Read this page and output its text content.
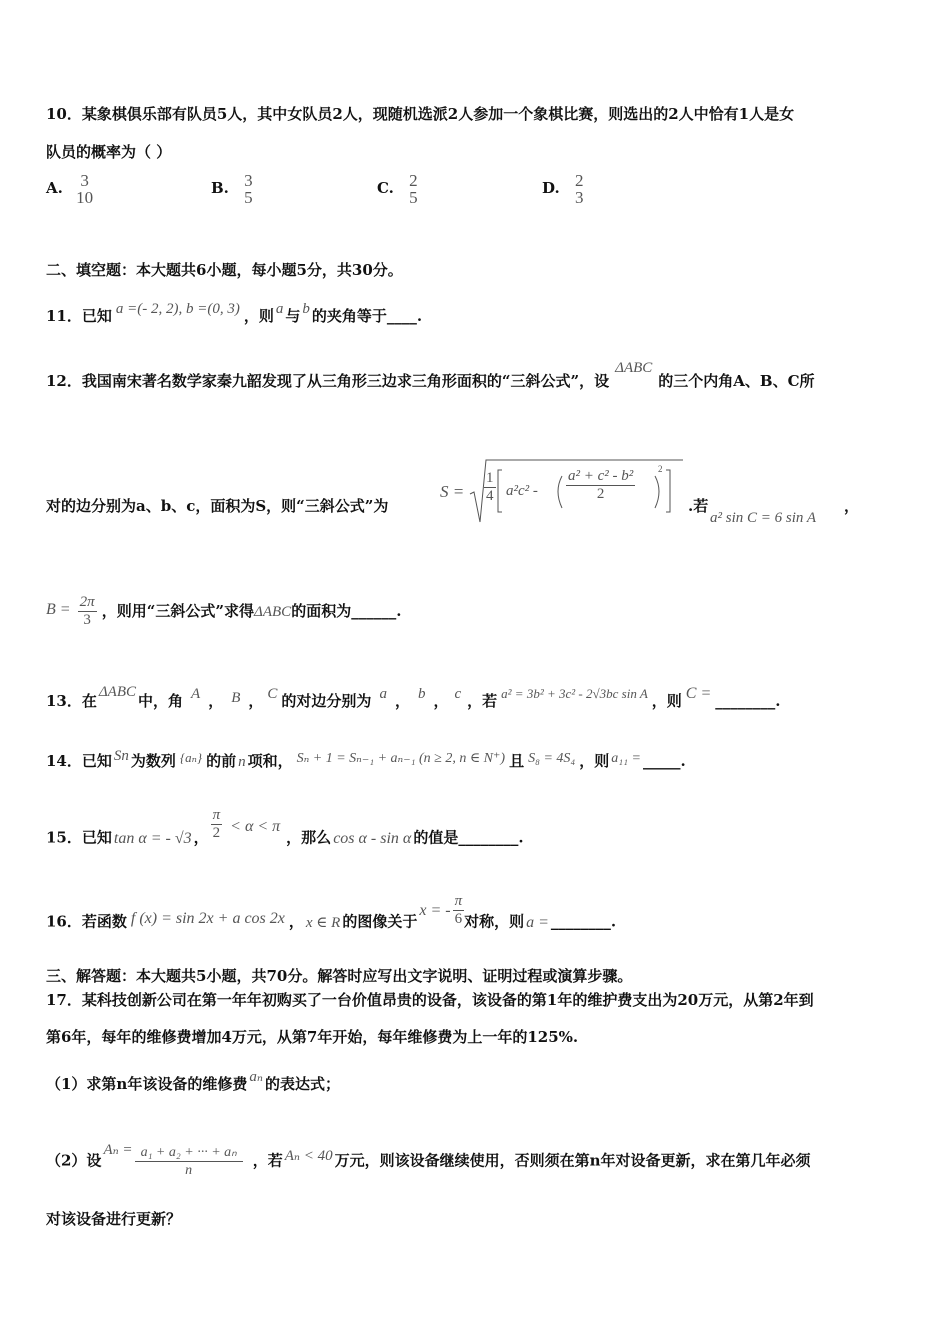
10．某象棋俱乐部有队员5人，其中女队员2人，现随机选派2人参加一个象棋比赛，则选出的2人中恰有1人是女
队员的概率为（ ）
A. 3
10	B. 3
5	C. 2
5	D. 2
3
二、填空题：本大题共6小题，每小题5分，共30分。
11．已知 a =(- 2, 2), b =(0, 3) ，则 a 与 b 的夹角等于____.
12．我国南宋著名数学家秦九韶发现了从三角形三边求三角形面积的“三斜公式”，设ΔABC的三个内角A、B、C所
对的边分别为a、b、c，面积为S，则“三斜公式”为
$S = \frac{1}{4} a^2c^2 - \frac{\text{a² + c² - b²}}{2}$	2
.若
a² sin C = 6 sin A
，
$B = \frac{2\pi}{3}$ ，则用“三斜公式”求得ΔABC的面积为______.
13．在 ΔABC 中，角 A ， B ， C 的对边分别为 a ， b ， c ，若 a² = 3b² + 3c² - 2√3bc sin A ，则 C = ________.
14．已知 Sn 为数列 {aₙ} 的前 n 项和， Sₙ + 1 = Sₙ₋₁ + aₙ₋₁ (n ≥ 2, n ∈ N⁺) 且 S₈ = 4S₄ ，则 a₁₁ = _____.
15．已知 tan α = - √3 ， $\frac{\pi}{2} < \alpha < \pi$，那么 cos α - sin α 的值是________.
16．若函数 f (x) = sin 2x + a cos 2x ， x ∈ R 的图像关于x = - $\frac{\pi}{6}$ 对称，则 a = ________.
三、解答题：本大题共5小题，共70分。解答时应写出文字说明、证明过程或演算步骤。
17．某科技创新公司在第一年年初购买了一台价值昂贵的设备，该设备的第1年的维护费支出为20万元，从第2年到
第6年，每年的维修费增加4万元，从第7年开始，每年维修费为上一年的125%.
（1）求第n年该设备的维修费 aₙ 的表达式；
（2）设$A_n = \frac{\text{a₁ + a₂ + ··· + aₙ}}{n}$ ，若 Aₙ < 40 万元，则该设备继续使用，否则须在第n年对设备更新，求在第几年必须
对该设备进行更新？
